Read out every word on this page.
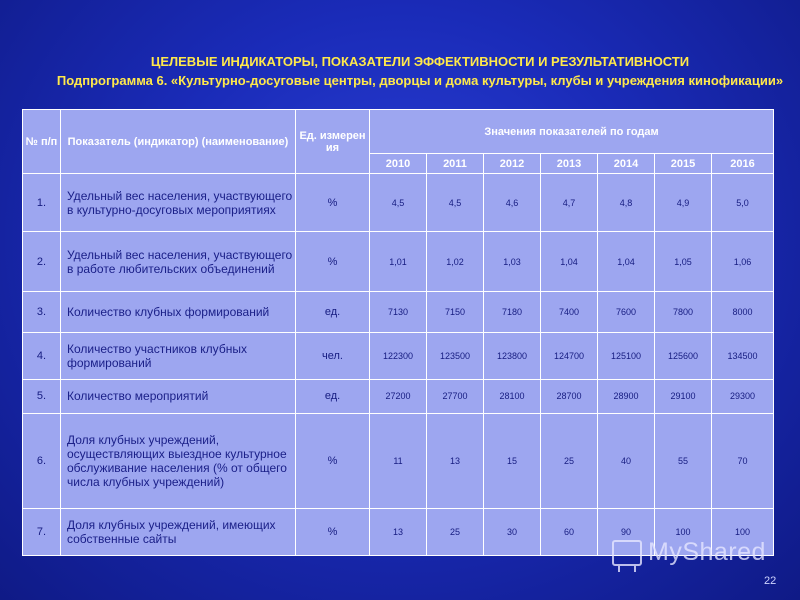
ЦЕЛЕВЫЕ ИНДИКАТОРЫ, ПОКАЗАТЕЛИ ЭФФЕКТИВНОСТИ И РЕЗУЛЬТАТИВНОСТИ
Подпрограмма 6. «Культурно-досуговые центры, дворцы и дома культуры, клубы и учреждения кинофикации»
№ п/п	Показатель (индикатор) (наименование)	Ед. измерен ия	Значения показателей по годам						
			2010	2011	2012	2013	2014	2015	2016
1.	Удельный вес населения, участвующего в культурно-досуговых мероприятиях	%	4,5	4,5	4,6	4,7	4,8	4,9	5,0
2.	Удельный вес населения, участвующего в работе любительских объединений	%	1,01	1,02	1,03	1,04	1,04	1,05	1,06
3.	Количество клубных формирований	ед.	7130	7150	7180	7400	7600	7800	8000
4.	Количество участников клубных формирований	чел.	122300	123500	123800	124700	125100	125600	134500
5.	Количество мероприятий	ед.	27200	27700	28100	28700	28900	29100	29300
6.	Доля клубных учреждений, осуществляющих выездное культурное обслуживание населения (% от общего числа клубных учреждений)	%	11	13	15	25	40	55	70
7.	Доля клубных учреждений, имеющих собственные сайты	%	13	25	30	60	90	100	100
MyShared
22
